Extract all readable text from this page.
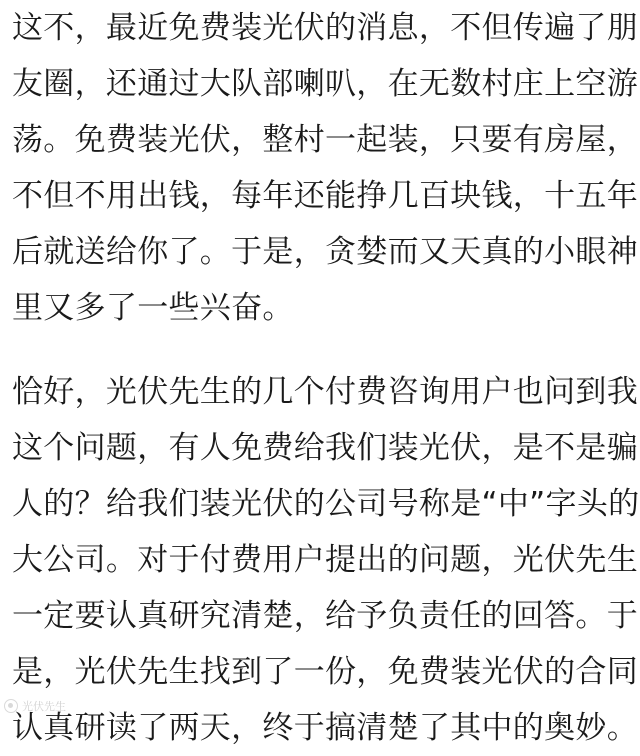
这不，最近免费装光伏的消息，不但传遍了朋
友圈，还通过大队部喇叭，在无数村庄上空游
荡。免费装光伏，整村一起装，只要有房屋，
不但不用出钱，每年还能挣几百块钱，十五年
后就送给你了。于是，贪婪而又天真的小眼神
里又多了一些兴奋。
恰好，光伏先生的几个付费咨询用户也问到我
这个问题，有人免费给我们装光伏，是不是骗
人的？给我们装光伏的公司号称是“中”字头的
大公司。对于付费用户提出的问题，光伏先生
一定要认真研究清楚，给予负责任的回答。于
是，光伏先生找到了一份，免费装光伏的合同
认真研读了两天，终于搞清楚了其中的奥妙。
光伏先生
